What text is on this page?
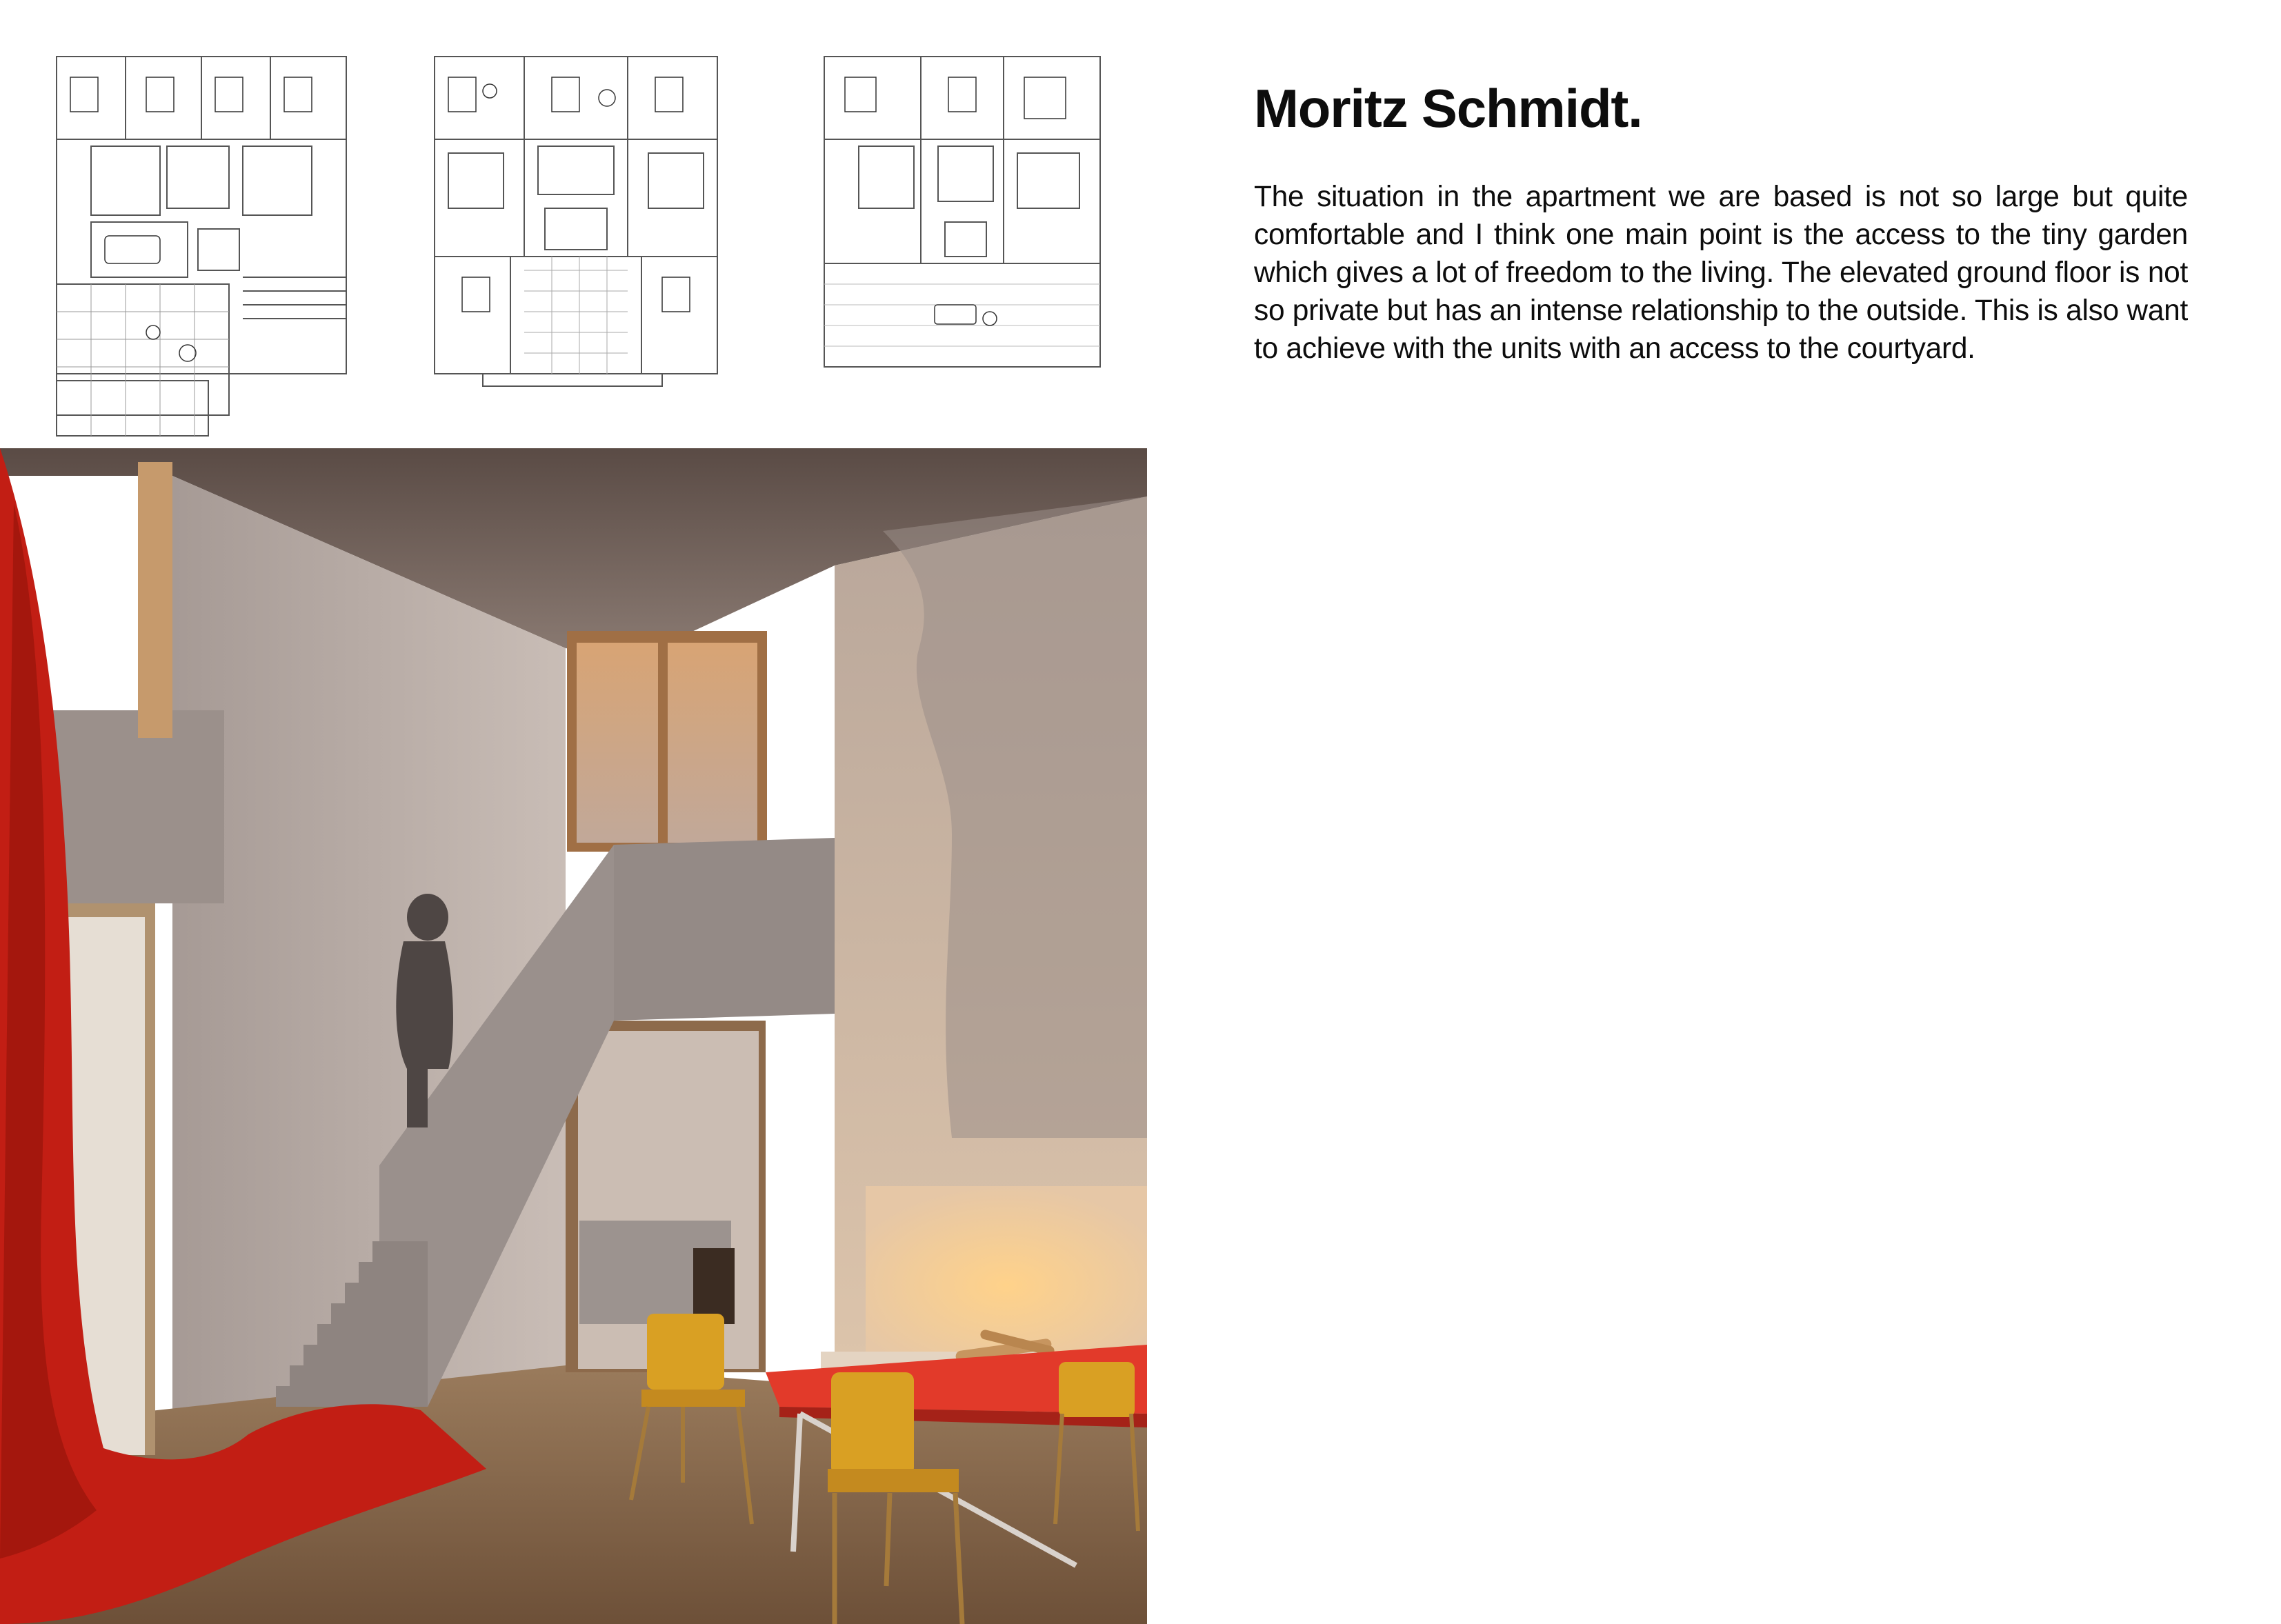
Moritz Schmidt.

The situation in the apartment we are based is not so large but quite comfortable and I think one main point is the access to the tiny garden which gives a lot of freedom to the living. The elevated ground floor is not so private but has an intense relationship to the outside. This is also want to achieve with the units with an access to the courtyard.
